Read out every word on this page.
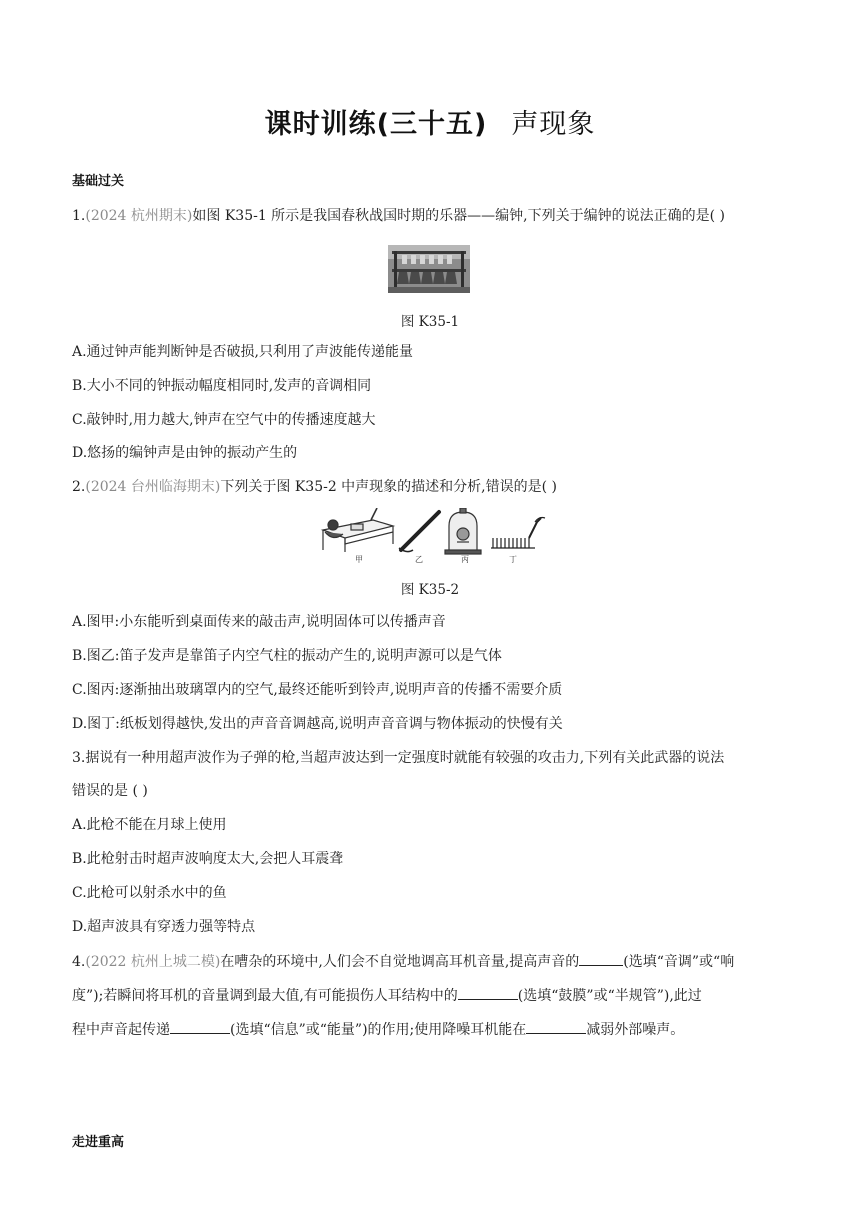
课时训练(三十五) 声现象
基础过关
1.(2024 杭州期末)如图 K35-1 所示是我国春秋战国时期的乐器——编钟,下列关于编钟的说法正确的是( )
图 K35-1
A.通过钟声能判断钟是否破损,只利用了声波能传递能量
B.大小不同的钟振动幅度相同时,发声的音调相同
C.敲钟时,用力越大,钟声在空气中的传播速度越大
D.悠扬的编钟声是由钟的振动产生的
2.(2024 台州临海期末)下列关于图 K35-2 中声现象的描述和分析,错误的是( )
甲	乙	丙	丁
图 K35-2
A.图甲:小东能听到桌面传来的敲击声,说明固体可以传播声音
B.图乙:笛子发声是靠笛子内空气柱的振动产生的,说明声源可以是气体
C.图丙:逐渐抽出玻璃罩内的空气,最终还能听到铃声,说明声音的传播不需要介质
D.图丁:纸板划得越快,发出的声音音调越高,说明声音音调与物体振动的快慢有关
3.据说有一种用超声波作为子弹的枪,当超声波达到一定强度时就能有较强的攻击力,下列有关此武器的说法
错误的是 ( )
A.此枪不能在月球上使用
B.此枪射击时超声波响度太大,会把人耳震聋
C.此枪可以射杀水中的鱼
D.超声波具有穿透力强等特点
4.(2022 杭州上城二模)在嘈杂的环境中,人们会不自觉地调高耳机音量,提高声音的	(选填“音调”或“响
度”);若瞬间将耳机的音量调到最大值,有可能损伤人耳结构中的	(选填“鼓膜”或“半规管”),此过
程中声音起传递	(选填“信息”或“能量”)的作用;使用降噪耳机能在	减弱外部噪声。
走进重高
